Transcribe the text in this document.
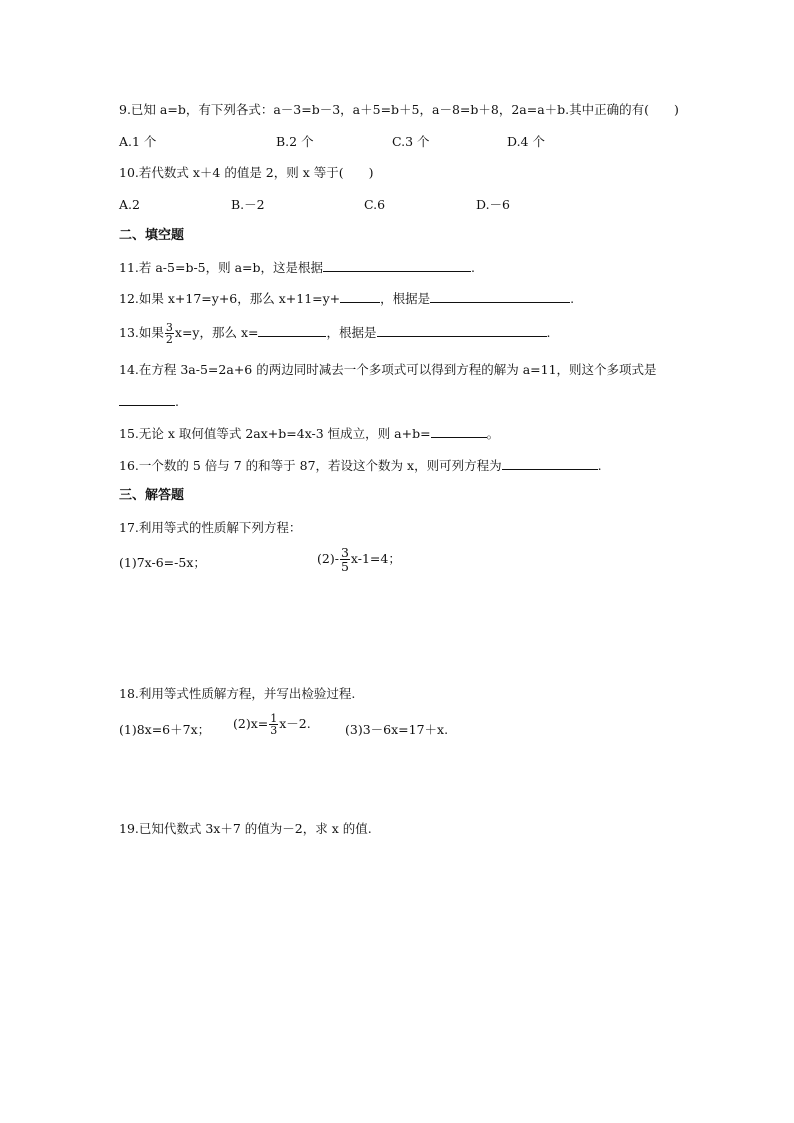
9.已知 a=b，有下列各式：a－3=b－3，a＋5=b＋5，a－8=b＋8，2a=a＋b.其中正确的有(　　)
A.1 个	B.2 个	C.3 个	D.4 个
10.若代数式 x＋4 的值是 2，则 x 等于(　　)
A.2	B.－2	C.6	D.－6
二、填空题
11.若 a-5=b-5，则 a=b，这是根据	.
12.如果 x+17=y+6，那么 x+11=y+	，根据是	.
13.如果 $\frac{3}{2} x=y$，那么 x=	，根据是	.
14.在方程 3a-5=2a+6 的两边同时减去一个多项式可以得到方程的解为 a=11，则这个多项式是
.
15.无论 x 取何值等式 2ax+b=4x-3 恒成立，则 a+b=	。
16.一个数的 5 倍与 7 的和等于 87，若设这个数为 x，则可列方程为	.
三、解答题
17.利用等式的性质解下列方程：
(1)7x-6=-5x；	$(2)- \frac{3}{5} x-1=4$；
18.利用等式性质解方程，并写出检验过程.
(1)8x=6＋7x； $(2)x= \frac{1}{3} x-2$.	(3)3－6x=17＋x.
19.已知代数式 3x＋7 的值为－2，求 x 的值.
